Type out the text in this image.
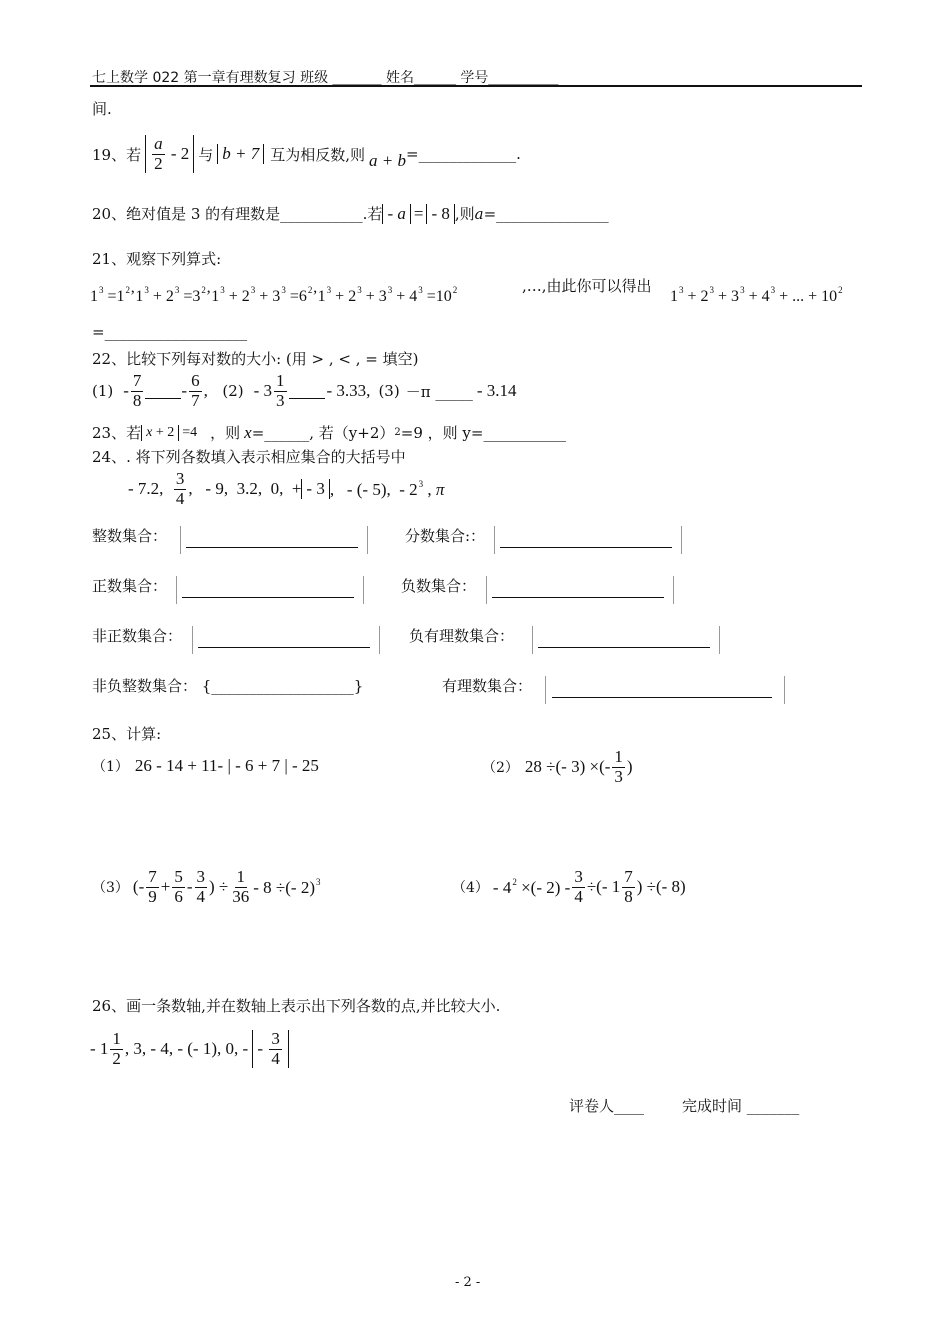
七上数学 022 第一章有理数复习 班级 _______ 姓名______ 学号__________
间.
19、若 $\frac{a}{2} - 2$ 与 b + 7 互为相反数,则 a + b =_____________.
20、绝对值是 3 的有理数是___________.若 - a = - 8 ,则 a =_______________
21、观察下列算式:
$1^3$ $=1^2’1^3 + 2^3$ $=3^2’1^3 + 2^3 + 3^3$ $=6^2’1^3 + 2^3 + 3^3 + 4^3 =10^2$	,…,由此你可以得出
$1^3 + 2^3 + 3^3 + 4^3$ + ... + $10^2$
=___________________
22、比较下列每对数的大小: (用 > , < , = 填空)
$(1) - \frac{7}{8} - \frac{6}{7}$ , $(2) - 3 \frac{1}{3} - 3.33$, (3) －π _____ - 3.14
23、若 x + 2 =4 ，则 x =______, 若（y+2） 2 =9 ，则 y=___________
24、. 将下列各数填入表示相应集合的大括号中
- 7.2, $\frac{3}{4}$ ,   - 9,  3.2,  0,  + - 3 ,   - (- 5),  - $2^3$ , π
整数集合：	分数集合:：
正数集合：	负数集合：
非正数集合：	负有理数集合：
非负整数集合： {___________________}	有理数集合：
25、计算:
（1） 26 - 14 + 11- | - 6 + 7 | - 25	（2） 28 ÷(- 3) ×(- $\frac{1}{3}$ )
（3） (- $\frac{7}{9} + \frac{5}{6} - \frac{3}{4}$ ) ÷ $\frac{1}{36} - 8$ ÷(- 2)$^3$	$(4) - 4^2$ ×(- $2) - \frac{3}{4}$ ÷(- $1 \frac{7}{8}$ ) ÷(- 8)
26、画一条数轴,并在数轴上表示出下列各数的点,并比较大小.
- $1 \frac{1}{2}$ , 3, - 4, - (- 1), 0, - - $\frac{3}{4}$
评卷人____	完成时间 _______
- 2 -
